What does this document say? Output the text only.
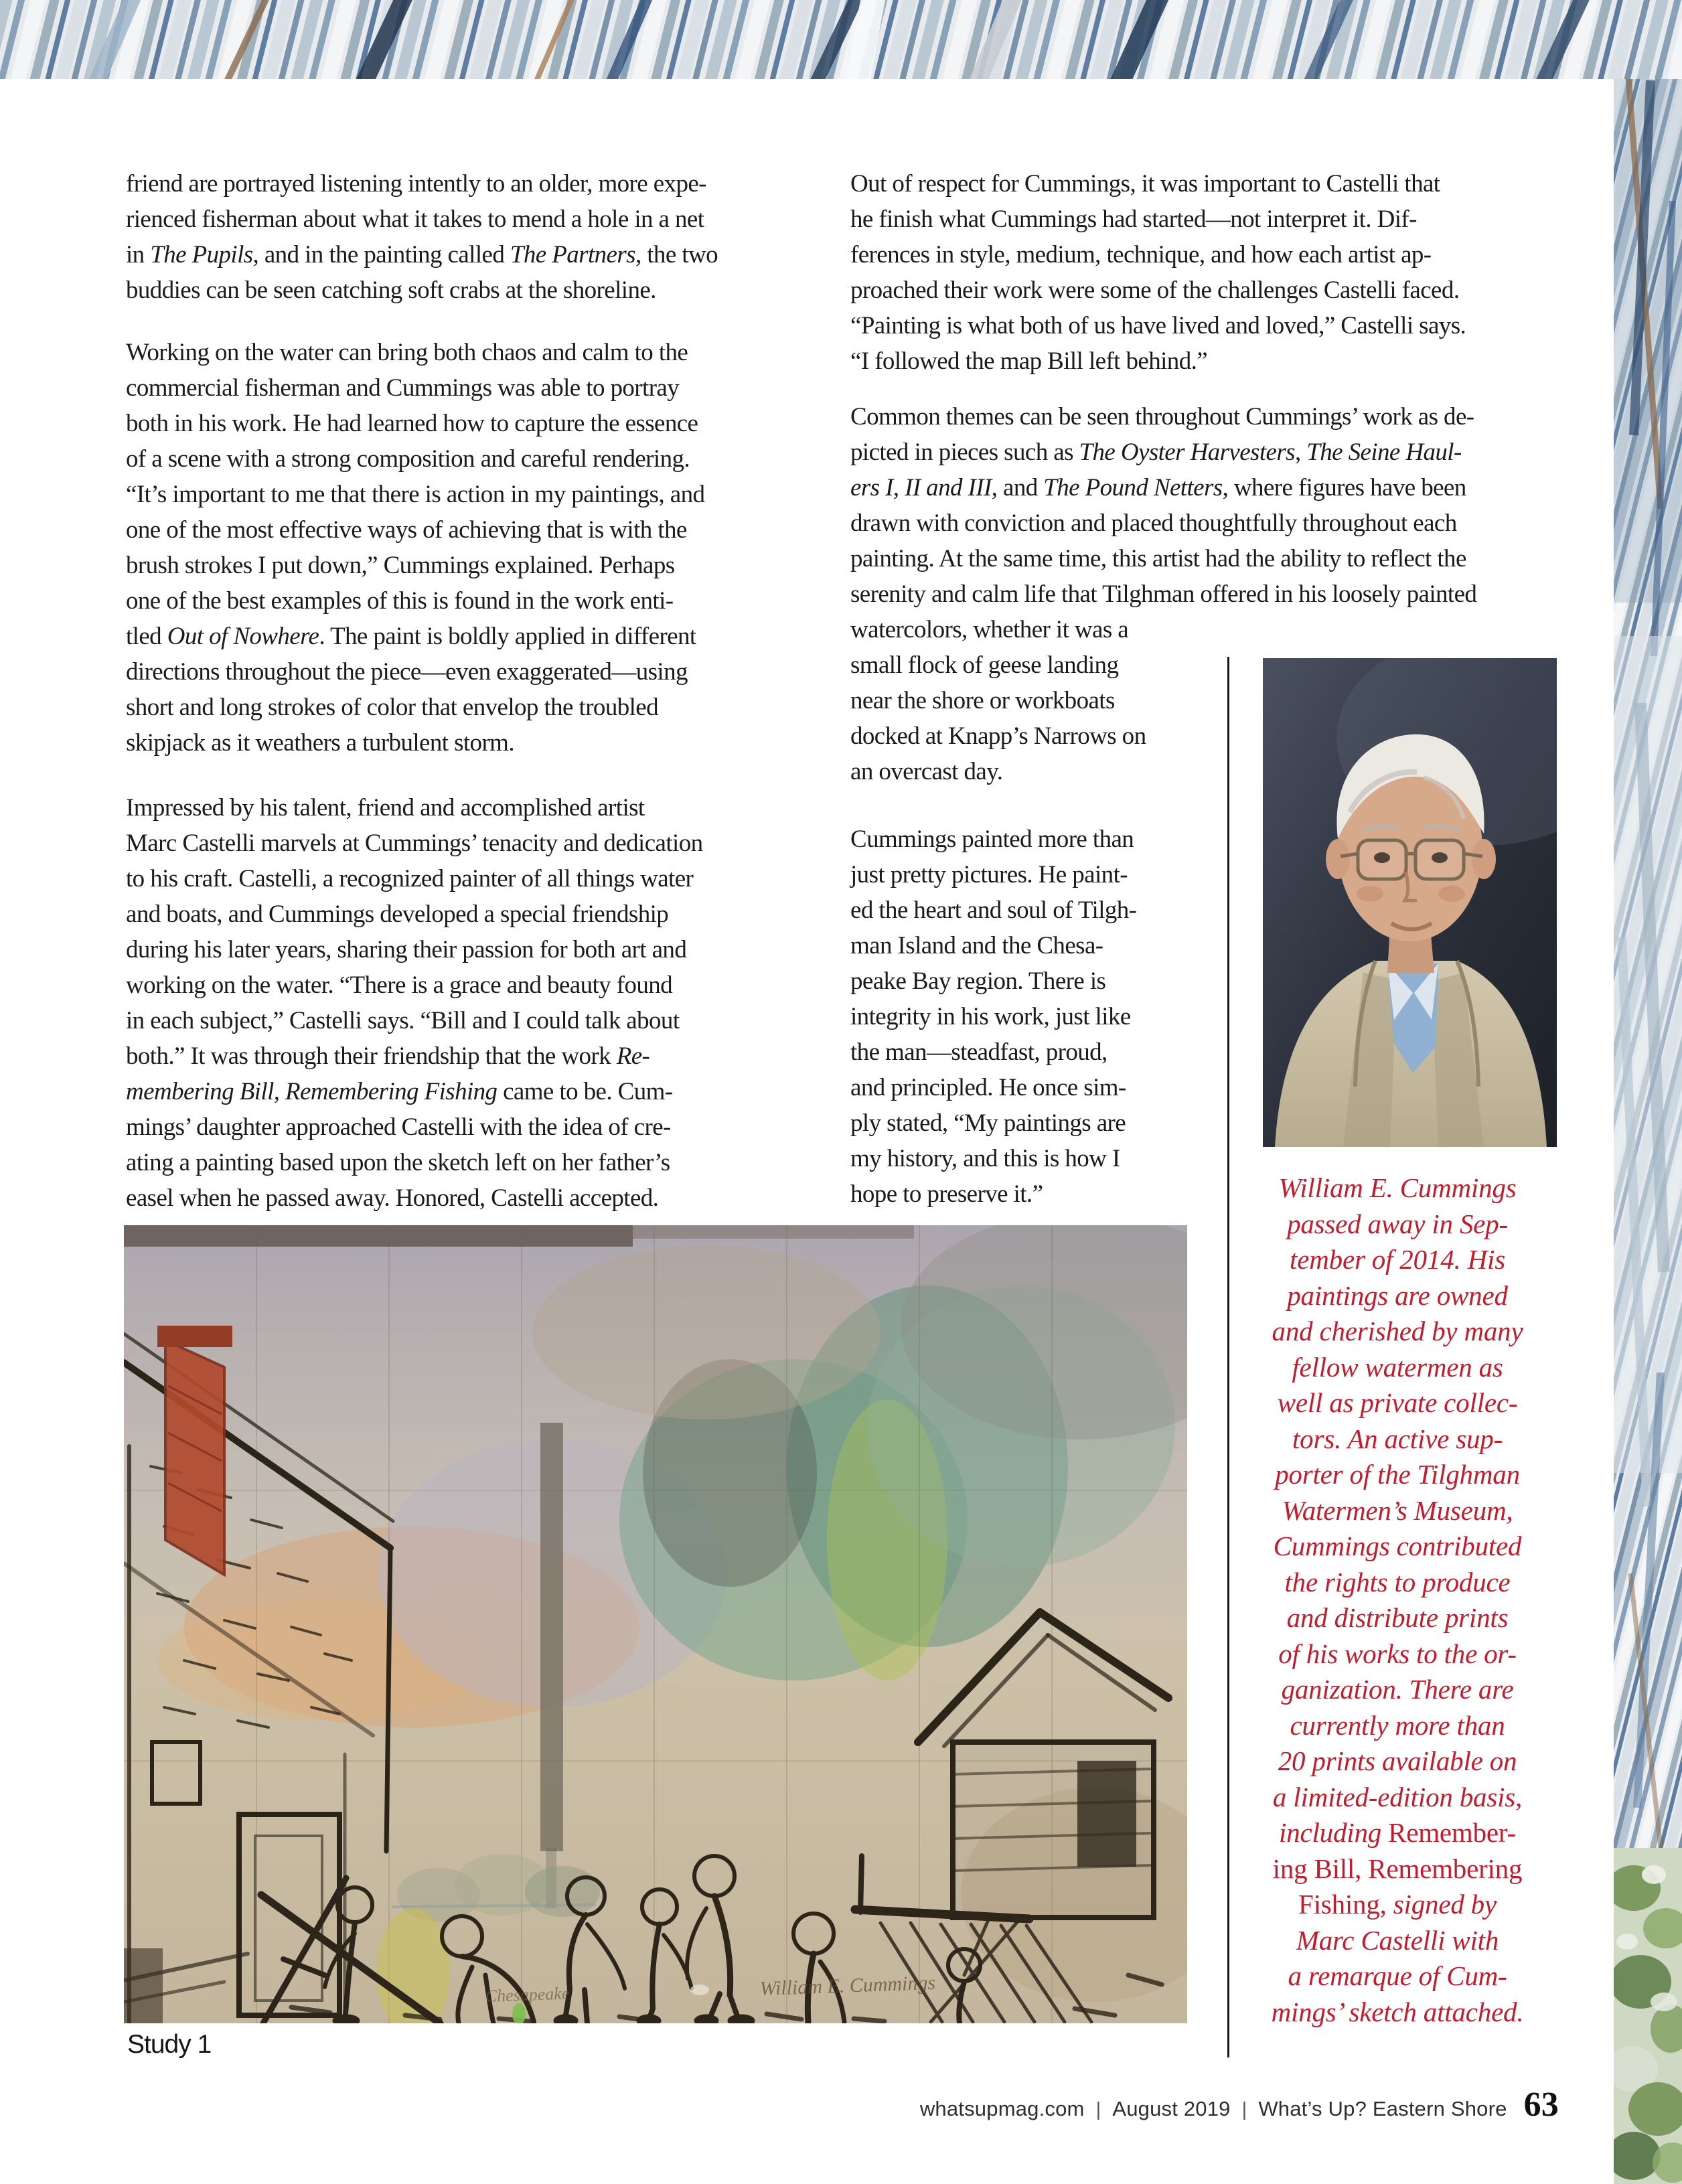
friend are portrayed listening intently to an older, more expe-
rienced fisherman about what it takes to mend a hole in a net
in The Pupils, and in the painting called The Partners, the two
buddies can be seen catching soft crabs at the shoreline.
Working on the water can bring both chaos and calm to the
commercial fisherman and Cummings was able to portray
both in his work. He had learned how to capture the essence
of a scene with a strong composition and careful rendering.
“It’s important to me that there is action in my paintings, and
one of the most effective ways of achieving that is with the
brush strokes I put down,” Cummings explained. Perhaps
one of the best examples of this is found in the work enti-
tled Out of Nowhere. The paint is boldly applied in different
directions throughout the piece—even exaggerated—using
short and long strokes of color that envelop the troubled
skipjack as it weathers a turbulent storm.
Impressed by his talent, friend and accomplished artist
Marc Castelli marvels at Cummings’ tenacity and dedication
to his craft. Castelli, a recognized painter of all things water
and boats, and Cummings developed a special friendship
during his later years, sharing their passion for both art and
working on the water. “There is a grace and beauty found
in each subject,” Castelli says. “Bill and I could talk about
both.” It was through their friendship that the work Re-
membering Bill, Remembering Fishing came to be. Cum-
mings’ daughter approached Castelli with the idea of cre-
ating a painting based upon the sketch left on her father’s
easel when he passed away. Honored, Castelli accepted.
Out of respect for Cummings, it was important to Castelli that
he finish what Cummings had started—not interpret it. Dif-
ferences in style, medium, technique, and how each artist ap-
proached their work were some of the challenges Castelli faced.
“Painting is what both of us have lived and loved,” Castelli says.
“I followed the map Bill left behind.”
Common themes can be seen throughout Cummings’ work as de-
picted in pieces such as The Oyster Harvesters, The Seine Haul-
ers I, II and III, and The Pound Netters, where figures have been
drawn with conviction and placed thoughtfully throughout each
painting. At the same time, this artist had the ability to reflect the
serenity and calm life that Tilghman offered in his loosely painted
watercolors, whether it was a
small flock of geese landing
near the shore or workboats
docked at Knapp’s Narrows on
an overcast day.
Cummings painted more than
just pretty pictures. He paint-
ed the heart and soul of Tilgh-
man Island and the Chesa-
peake Bay region. There is
integrity in his work, just like
the man—steadfast, proud,
and principled. He once sim-
ply stated, “My paintings are
my history, and this is how I
hope to preserve it.”	William E. Cummings
passed away in Sep-
tember of 2014. His
paintings are owned
and cherished by many
fellow watermen as
well as private collec-
tors. An active sup-
porter of the Tilghman
Watermen’s Museum,
Cummings contributed
the rights to produce
and distribute prints
of his works to the or-
ganization. There are
currently more than
20 prints available on
a limited-edition basis,
including Remember-
ing Bill, Remembering
Fishing, signed by
Marc Castelli with
a remarque of Cum-
mings’ sketch attached.
Chesapeake	William E. Cummings
Study 1
whatsupmag.com | August 2019 | What’s Up? Eastern Shore 63
